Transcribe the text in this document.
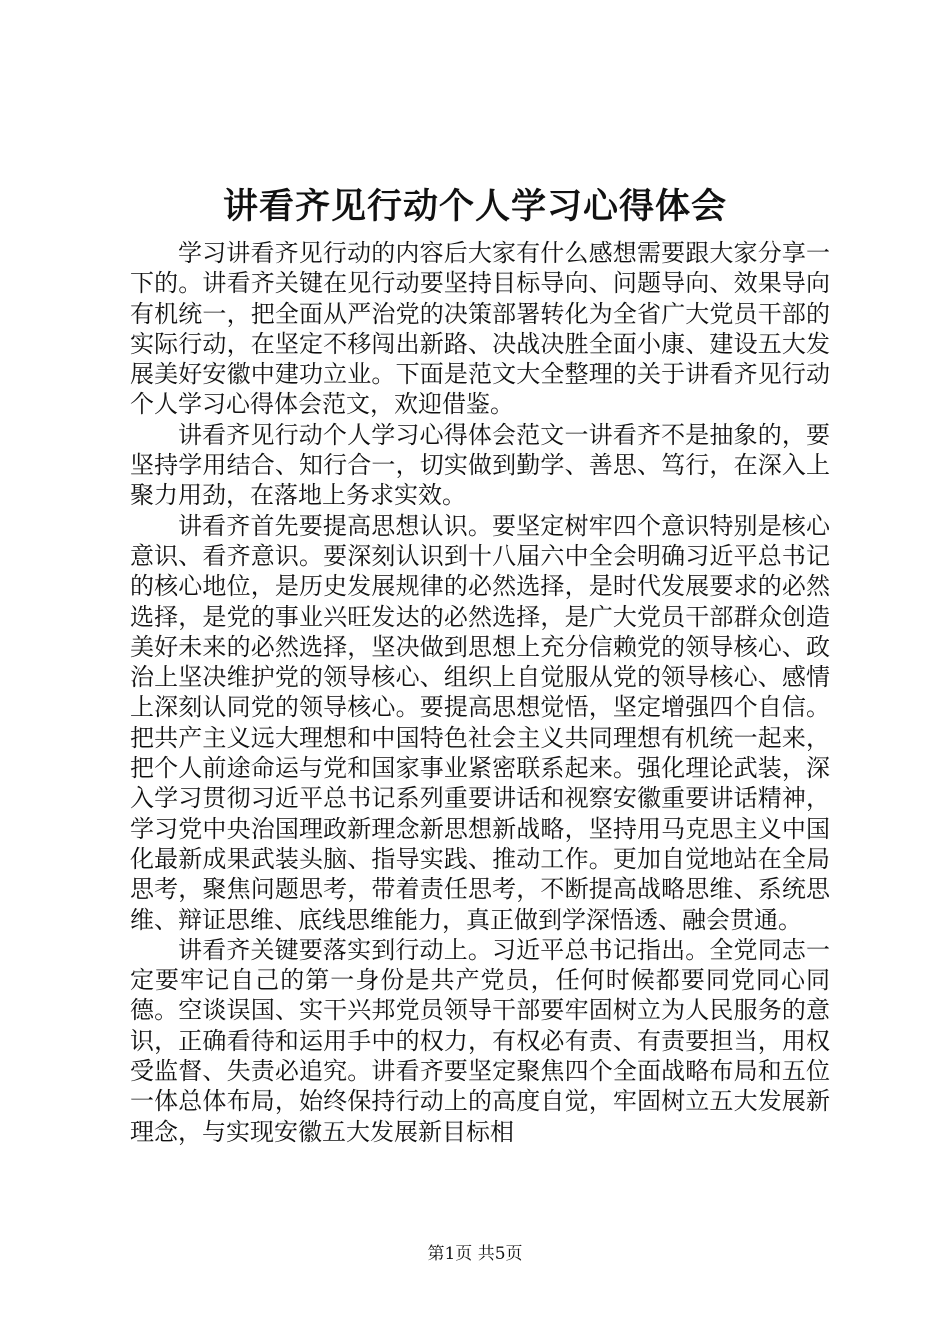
讲看齐见行动个人学习心得体会

学习讲看齐见行动的内容后大家有什么感想需要跟大家分享一下的。讲看齐关键在见行动要坚持目标导向、问题导向、效果导向有机统一，把全面从严治党的决策部署转化为全省广大党员干部的实际行动，在坚定不移闯出新路、决战决胜全面小康、建设五大发展美好安徽中建功立业。下面是范文大全整理的关于讲看齐见行动个人学习心得体会范文，欢迎借鉴。

讲看齐见行动个人学习心得体会范文一讲看齐不是抽象的，要坚持学用结合、知行合一，切实做到勤学、善思、笃行，在深入上聚力用劲，在落地上务求实效。

讲看齐首先要提高思想认识。要坚定树牢四个意识特别是核心意识、看齐意识。要深刻认识到十八届六中全会明确习近平总书记的核心地位，是历史发展规律的必然选择，是时代发展要求的必然选择，是党的事业兴旺发达的必然选择，是广大党员干部群众创造美好未来的必然选择，坚决做到思想上充分信赖党的领导核心、政治上坚决维护党的领导核心、组织上自觉服从党的领导核心、感情上深刻认同党的领导核心。要提高思想觉悟，坚定增强四个自信。把共产主义远大理想和中国特色社会主义共同理想有机统一起来，把个人前途命运与党和国家事业紧密联系起来。强化理论武装，深入学习贯彻习近平总书记系列重要讲话和视察安徽重要讲话精神，学习党中央治国理政新理念新思想新战略，坚持用马克思主义中国化最新成果武装头脑、指导实践、推动工作。更加自觉地站在全局思考，聚焦问题思考，带着责任思考，不断提高战略思维、系统思维、辩证思维、底线思维能力，真正做到学深悟透、融会贯通。

讲看齐关键要落实到行动上。习近平总书记指出。全党同志一定要牢记自己的第一身份是共产党员，任何时候都要同党同心同德。空谈误国、实干兴邦党员领导干部要牢固树立为人民服务的意识，正确看待和运用手中的权力，有权必有责、有责要担当，用权受监督、失责必追究。讲看齐要坚定聚焦四个全面战略布局和五位一体总体布局，始终保持行动上的高度自觉，牢固树立五大发展新理念，与实现安徽五大发展新目标相

第1页 共5页
